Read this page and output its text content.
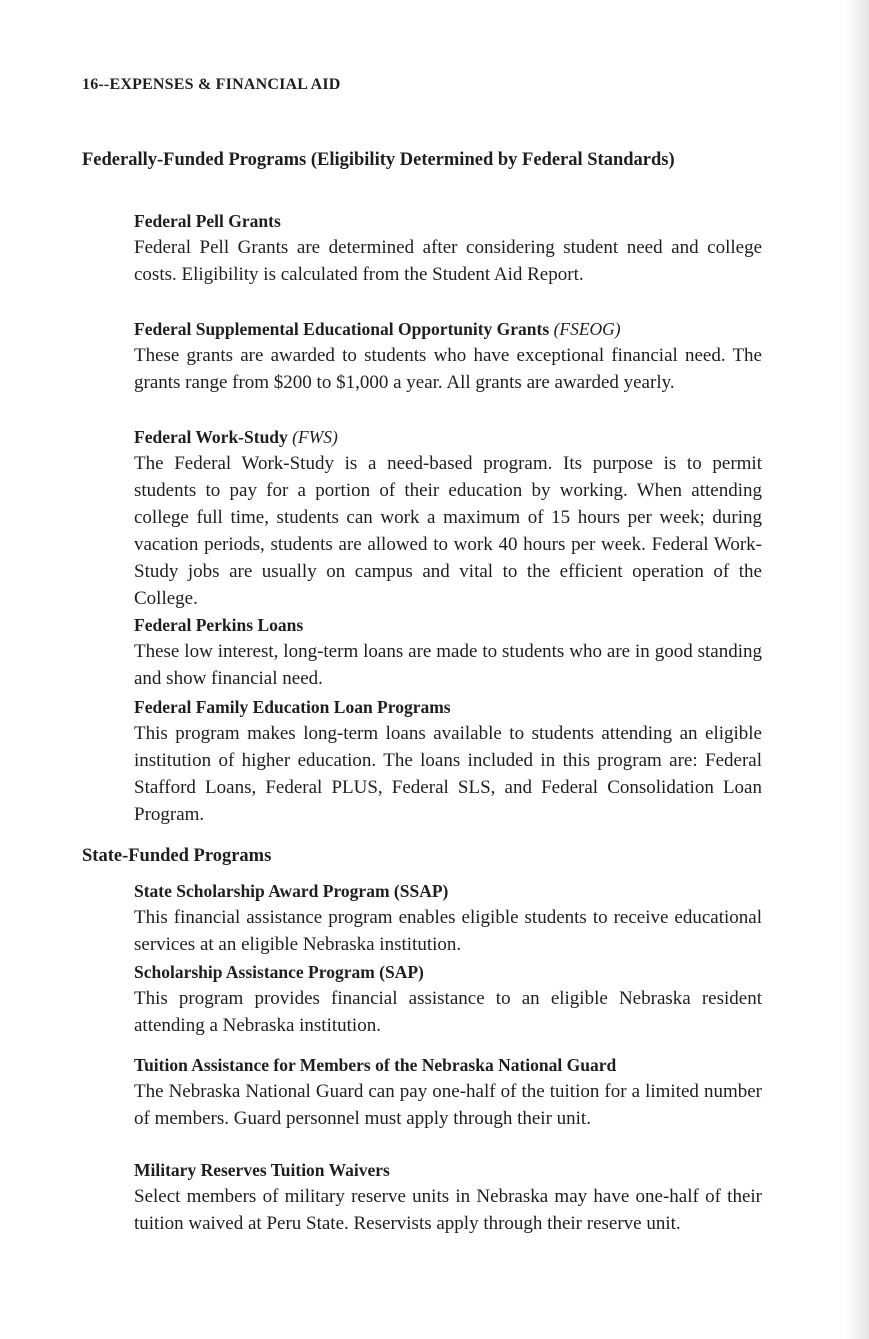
16--EXPENSES & FINANCIAL AID
Federally-Funded Programs (Eligibility Determined by Federal Standards)

Federal Pell Grants

Federal Pell Grants are determined after considering student need and college costs. Eligibility is calculated from the Student Aid Report.

Federal Supplemental Educational Opportunity Grants (FSEOG)

These grants are awarded to students who have exceptional financial need. The grants range from $200 to $1,000 a year. All grants are awarded yearly.

Federal Work-Study (FWS)

The Federal Work-Study is a need-based program. Its purpose is to permit students to pay for a portion of their education by working. When attending college full time, students can work a maximum of 15 hours per week; during vacation periods, students are allowed to work 40 hours per week. Federal Work-Study jobs are usually on campus and vital to the efficient operation of the College.

Federal Perkins Loans

These low interest, long-term loans are made to students who are in good standing and show financial need.

Federal Family Education Loan Programs

This program makes long-term loans available to students attending an eligible institution of higher education. The loans included in this program are: Federal Stafford Loans, Federal PLUS, Federal SLS, and Federal Consolidation Loan Program.

State-Funded Programs

State Scholarship Award Program (SSAP)

This financial assistance program enables eligible students to receive educational services at an eligible Nebraska institution.

Scholarship Assistance Program (SAP)

This program provides financial assistance to an eligible Nebraska resident attending a Nebraska institution.

Tuition Assistance for Members of the Nebraska National Guard

The Nebraska National Guard can pay one-half of the tuition for a limited number of members. Guard personnel must apply through their unit.

Military Reserves Tuition Waivers

Select members of military reserve units in Nebraska may have one-half of their tuition waived at Peru State. Reservists apply through their reserve unit.
